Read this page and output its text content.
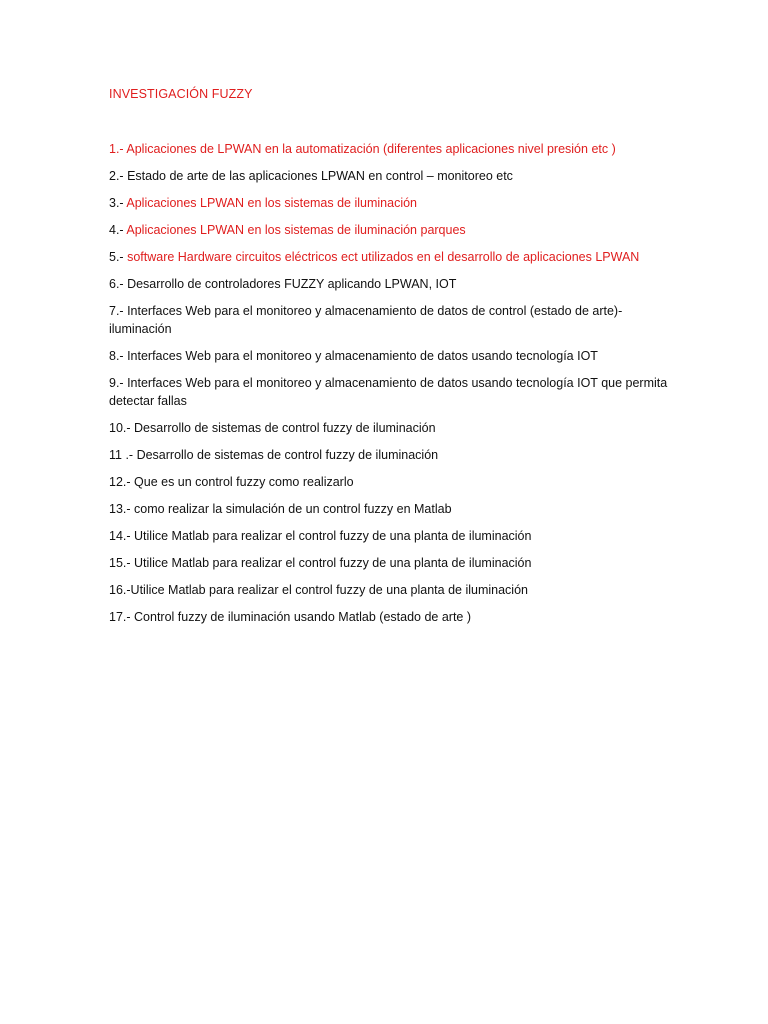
INVESTIGACIÓN FUZZY
1.- Aplicaciones de LPWAN en la automatización (diferentes aplicaciones nivel presión etc )
2.- Estado de arte de las aplicaciones LPWAN en control – monitoreo etc
3.- Aplicaciones LPWAN en los sistemas de iluminación
4.- Aplicaciones LPWAN en los sistemas de iluminación parques
5.- software Hardware circuitos eléctricos ect utilizados en el desarrollo de aplicaciones LPWAN
6.- Desarrollo de controladores FUZZY aplicando LPWAN, IOT
7.- Interfaces Web para el monitoreo y almacenamiento de datos de control (estado de arte)-iluminación
8.- Interfaces Web para el monitoreo y almacenamiento de datos usando tecnología IOT
9.- Interfaces Web para el monitoreo y almacenamiento de datos usando tecnología IOT que permita detectar fallas
10.- Desarrollo de sistemas de control fuzzy de iluminación
11 .- Desarrollo de sistemas de control fuzzy de iluminación
12.- Que es un control fuzzy como realizarlo
13.- como realizar la simulación de un control fuzzy en Matlab
14.- Utilice Matlab para realizar el control fuzzy de una planta de iluminación
15.- Utilice Matlab para realizar el control fuzzy de una planta de iluminación
16.-Utilice Matlab para realizar el control fuzzy de una planta de iluminación
17.- Control fuzzy de iluminación usando Matlab (estado de arte )
